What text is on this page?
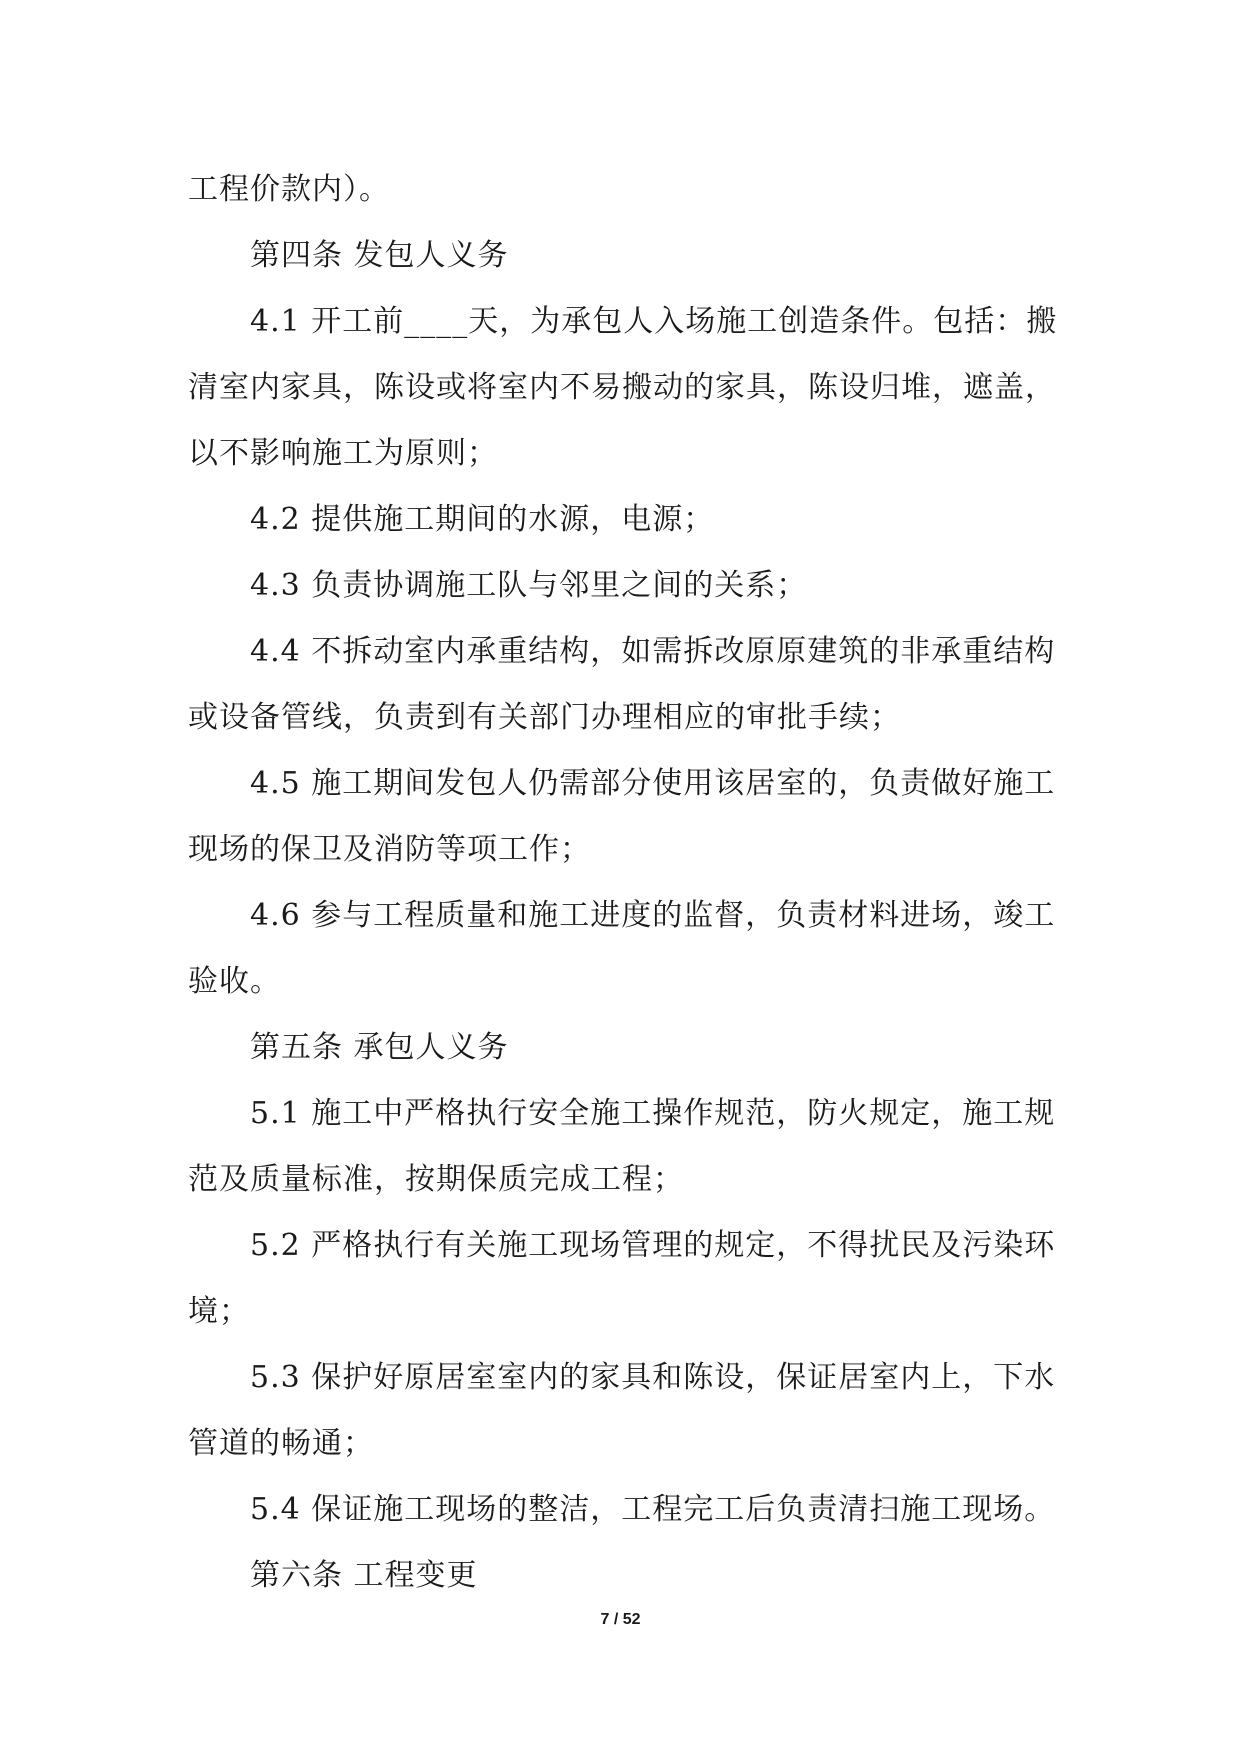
工程价款内）。
第四条 发包人义务
4.1 开工前____天，为承包人入场施工创造条件。包括：搬
清室内家具，陈设或将室内不易搬动的家具，陈设归堆，遮盖，
以不影响施工为原则；
4.2 提供施工期间的水源，电源；
4.3 负责协调施工队与邻里之间的关系；
4.4 不拆动室内承重结构，如需拆改原原建筑的非承重结构
或设备管线，负责到有关部门办理相应的审批手续；
4.5 施工期间发包人仍需部分使用该居室的，负责做好施工
现场的保卫及消防等项工作；
4.6 参与工程质量和施工进度的监督，负责材料进场，竣工
验收。
第五条 承包人义务
5.1 施工中严格执行安全施工操作规范，防火规定，施工规
范及质量标准，按期保质完成工程；
5.2 严格执行有关施工现场管理的规定，不得扰民及污染环
境；
5.3 保护好原居室室内的家具和陈设，保证居室内上，下水
管道的畅通；
5.4 保证施工现场的整洁，工程完工后负责清扫施工现场。
第六条 工程变更
7 / 52
